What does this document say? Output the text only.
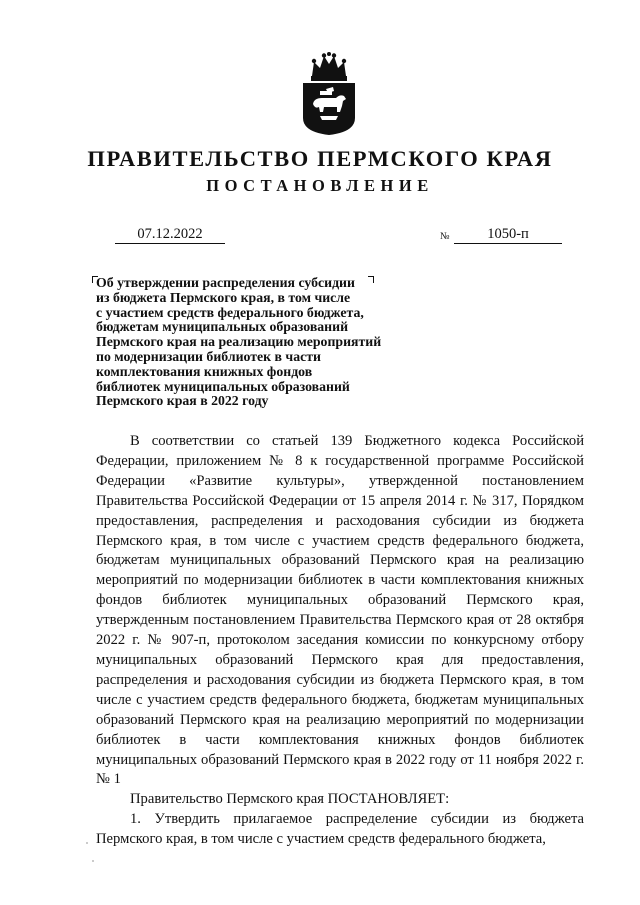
ПРАВИТЕЛЬСТВО ПЕРМСКОГО КРАЯ
ПОСТАНОВЛЕНИЕ
07.12.2022	№	1050-п
Об утверждении распределения субсидии
из бюджета Пермского края, в том числе
с участием средств федерального бюджета,
бюджетам муниципальных образований
Пермского края на реализацию мероприятий
по модернизации библиотек в части
комплектования книжных фондов
библиотек муниципальных образований
Пермского края в 2022 году

В соответствии со статьей 139 Бюджетного кодекса Российской Федерации, приложением № 8 к государственной программе Российской Федерации «Развитие культуры», утвержденной постановлением Правительства Российской Федерации от 15 апреля 2014 г. № 317, Порядком предоставления, распределения и расходования субсидии из бюджета Пермского края, в том числе с участием средств федерального бюджета, бюджетам муниципальных образований Пермского края на реализацию мероприятий по модернизации библиотек в части комплектования книжных фондов библиотек муниципальных образований Пермского края, утвержденным постановлением Правительства Пермского края от 28 октября 2022 г. № 907-п, протоколом заседания комиссии по конкурсному отбору муниципальных образований Пермского края для предоставления, распределения и расходования субсидии из бюджета Пермского края, в том числе с участием средств федерального бюджета, бюджетам муниципальных образований Пермского края на реализацию мероприятий по модернизации библиотек в части комплектования книжных фондов библиотек муниципальных образований Пермского края в 2022 году от 11 ноября 2022 г. № 1

Правительство Пермского края ПОСТАНОВЛЯЕТ:

1. Утвердить прилагаемое распределение субсидии из бюджета Пермского края, в том числе с участием средств федерального бюджета,
